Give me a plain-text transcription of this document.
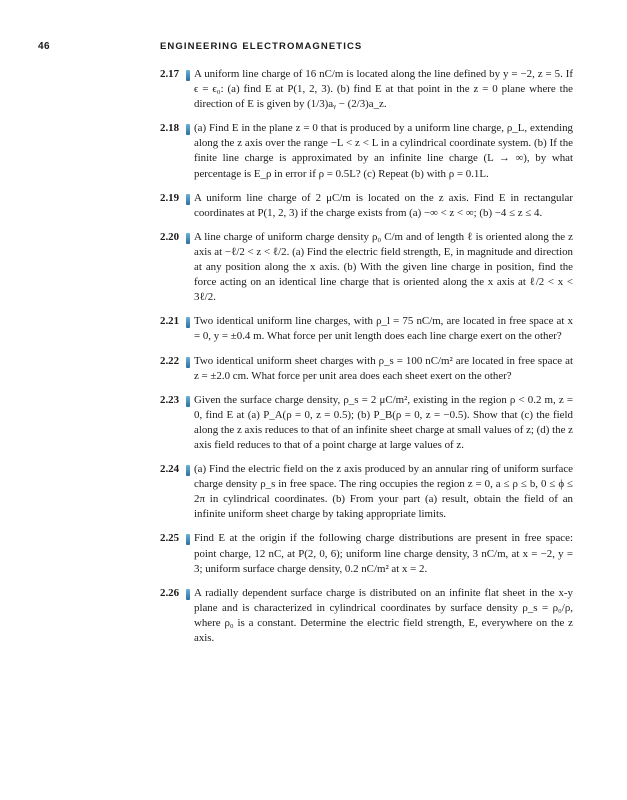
46	ENGINEERING ELECTROMAGNETICS
2.17 A uniform line charge of 16 nC/m is located along the line defined by y = −2, z = 5. If ϵ = ϵ₀: (a) find E at P(1, 2, 3). (b) find E at that point in the z = 0 plane where the direction of E is given by (1/3)aᵧ − (2/3)a_z.
2.18 (a) Find E in the plane z = 0 that is produced by a uniform line charge, ρ_L, extending along the z axis over the range −L < z < L in a cylindrical coordinate system. (b) If the finite line charge is approximated by an infinite line charge (L → ∞), by what percentage is E_ρ in error if ρ = 0.5L? (c) Repeat (b) with ρ = 0.1L.
2.19 A uniform line charge of 2 μC/m is located on the z axis. Find E in rectangular coordinates at P(1, 2, 3) if the charge exists from (a) −∞ < z < ∞; (b) −4 ≤ z ≤ 4.
2.20 A line charge of uniform charge density ρ₀ C/m and of length ℓ is oriented along the z axis at −ℓ/2 < z < ℓ/2. (a) Find the electric field strength, E, in magnitude and direction at any position along the x axis. (b) With the given line charge in position, find the force acting on an identical line charge that is oriented along the x axis at ℓ/2 < x < 3ℓ/2.
2.21 Two identical uniform line charges, with ρ_l = 75 nC/m, are located in free space at x = 0, y = ±0.4 m. What force per unit length does each line charge exert on the other?
2.22 Two identical uniform sheet charges with ρ_s = 100 nC/m² are located in free space at z = ±2.0 cm. What force per unit area does each sheet exert on the other?
2.23 Given the surface charge density, ρ_s = 2 μC/m², existing in the region ρ < 0.2 m, z = 0, find E at (a) P_A(ρ = 0, z = 0.5); (b) P_B(ρ = 0, z = −0.5). Show that (c) the field along the z axis reduces to that of an infinite sheet charge at small values of z; (d) the z axis field reduces to that of a point charge at large values of z.
2.24 (a) Find the electric field on the z axis produced by an annular ring of uniform surface charge density ρ_s in free space. The ring occupies the region z = 0, a ≤ ρ ≤ b, 0 ≤ ϕ ≤ 2π in cylindrical coordinates. (b) From your part (a) result, obtain the field of an infinite uniform sheet charge by taking appropriate limits.
2.25 Find E at the origin if the following charge distributions are present in free space: point charge, 12 nC, at P(2, 0, 6); uniform line charge density, 3 nC/m, at x = −2, y = 3; uniform surface charge density, 0.2 nC/m² at x = 2.
2.26 A radially dependent surface charge is distributed on an infinite flat sheet in the x-y plane and is characterized in cylindrical coordinates by surface density ρ_s = ρ₀/ρ, where ρ₀ is a constant. Determine the electric field strength, E, everywhere on the z axis.
